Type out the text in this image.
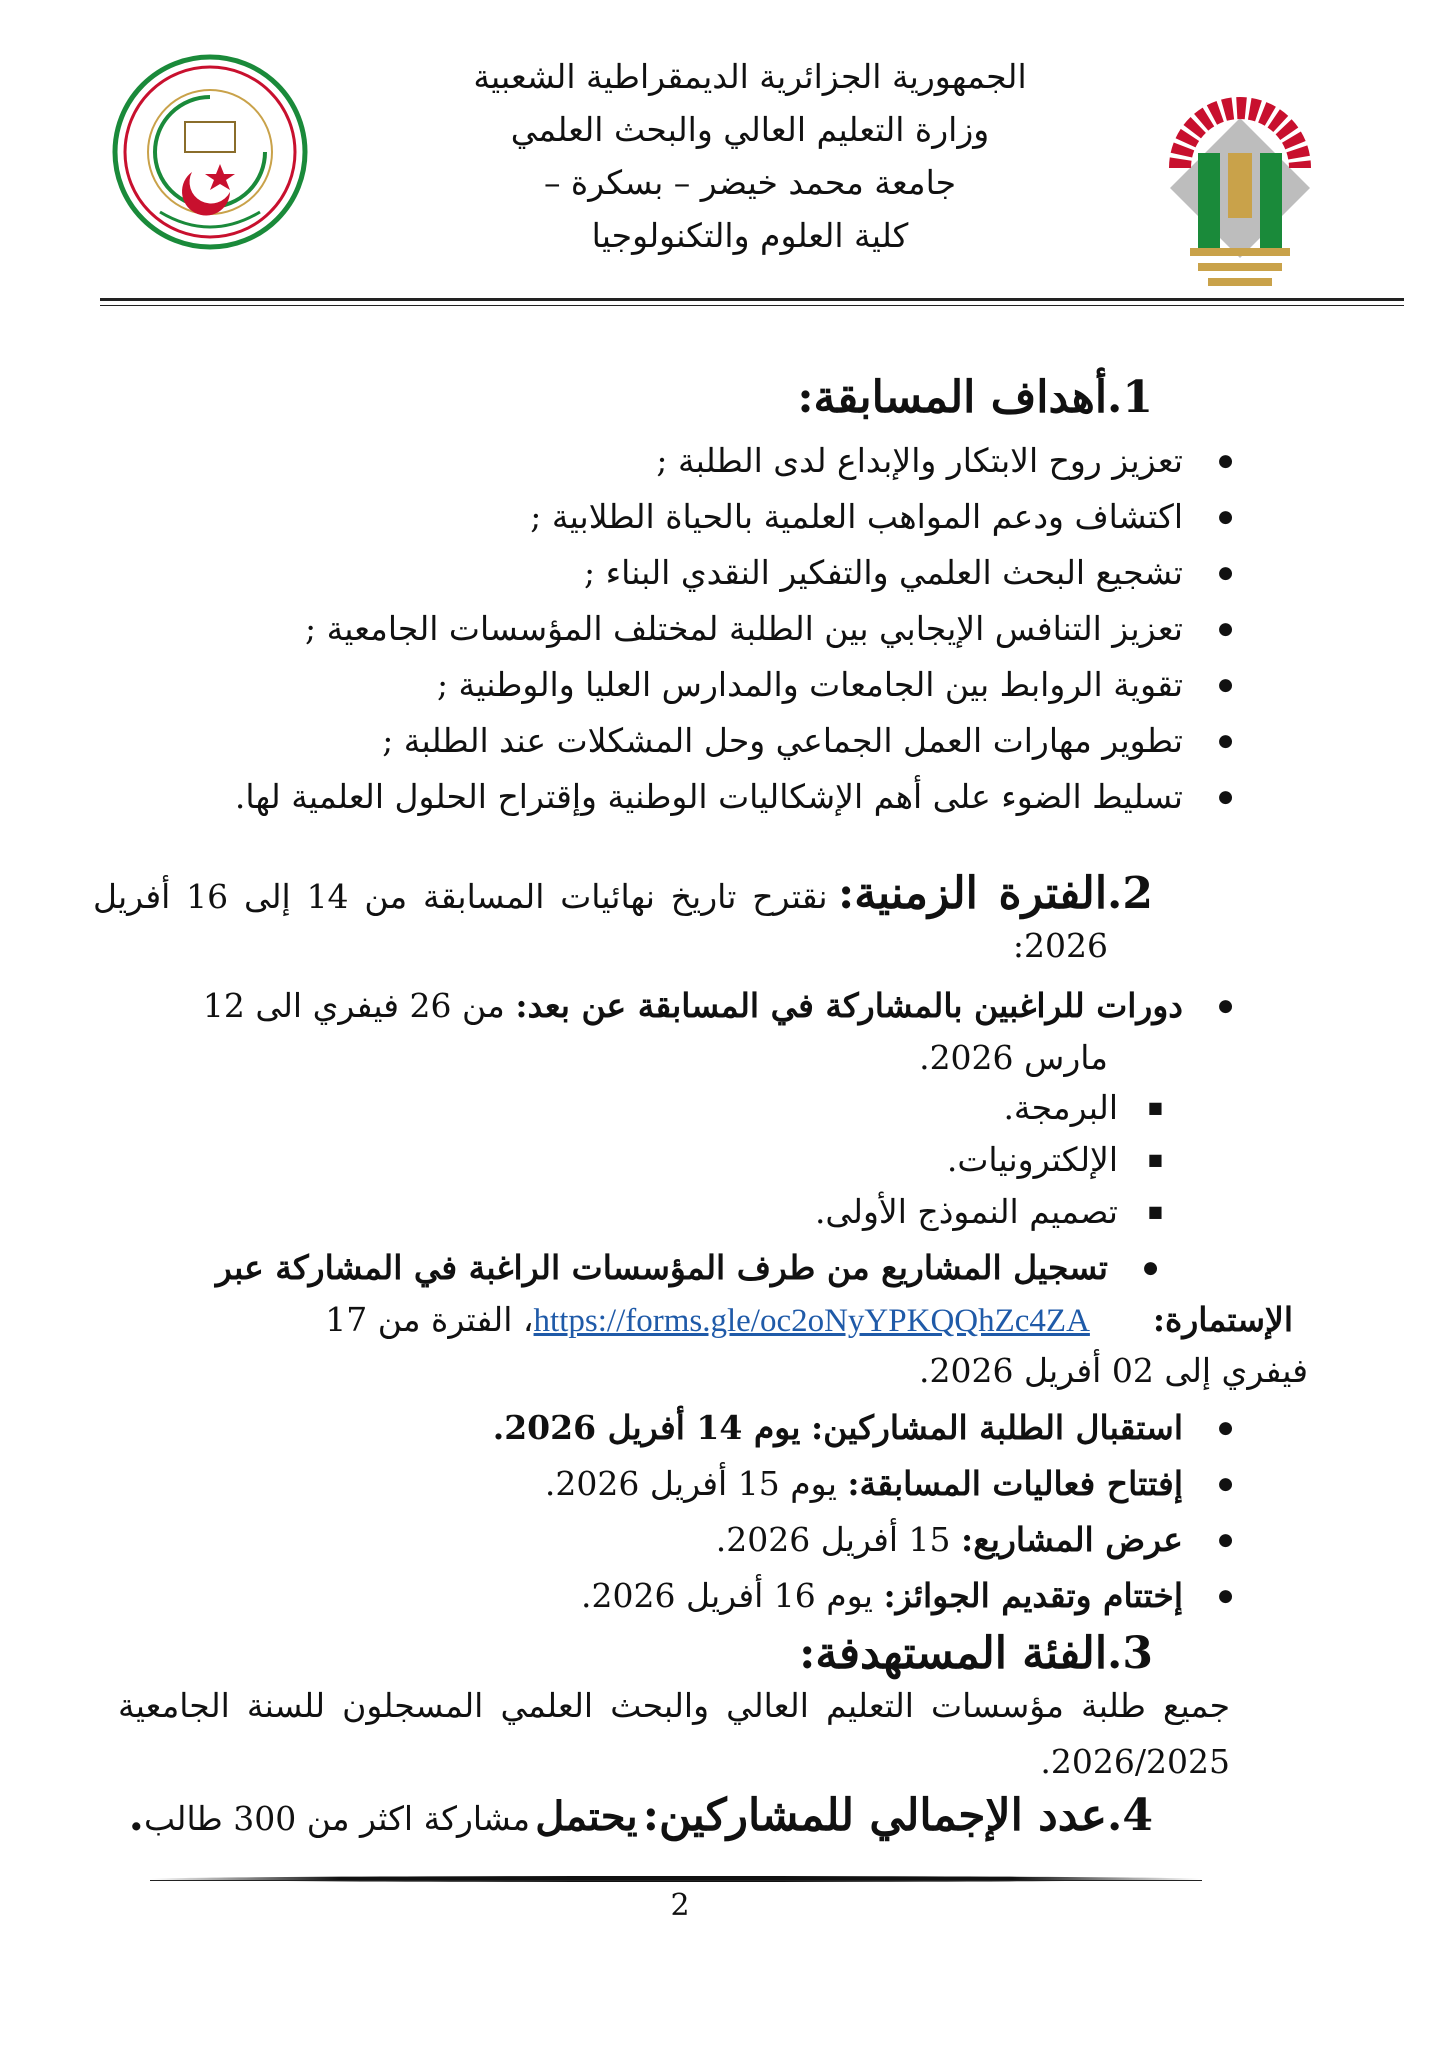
الجمهورية الجزائرية الديمقراطية الشعبية
وزارة التعليم العالي والبحث العلمي
جامعة محمد خيضر – بسكرة –
كلية العلوم والتكنولوجيا
1.أهداف المسابقة:
● تعزيز روح الابتكار والإبداع لدى الطلبة ;
● اكتشاف ودعم المواهب العلمية بالحياة الطلابية ;
● تشجيع البحث العلمي والتفكير النقدي البناء ;
● تعزيز التنافس الإيجابي بين الطلبة لمختلف المؤسسات الجامعية ;
● تقوية الروابط بين الجامعات والمدارس العليا والوطنية ;
● تطوير مهارات العمل الجماعي وحل المشكلات عند الطلبة ;
● تسليط الضوء على أهم الإشكاليات الوطنية وإقتراح الحلول العلمية لها.
2.الفترة الزمنية: نقترح تاريخ نهائيات المسابقة من 14 إلى 16 أفريل
2026:
● دورات للراغبين بالمشاركة في المسابقة عن بعد: من 26 فيفري الى 12
مارس 2026.
■ البرمجة.
■ الإلكترونيات.
■ تصميم النموذج الأولى.
● تسجيل المشاريع من طرف المؤسسات الراغبة في المشاركة عبر
الإستمارة:      https://forms.gle/oc2oNyYPKQQhZc4ZA، الفترة من 17
فيفري إلى 02 أفريل 2026.
● استقبال الطلبة المشاركين: يوم 14 أفريل 2026.
● إفتتاح فعاليات المسابقة: يوم 15 أفريل 2026.
● عرض المشاريع: 15 أفريل 2026.
● إختتام وتقديم الجوائز: يوم 16 أفريل 2026.
3.الفئة المستهدفة:
جميع طلبة مؤسسات التعليم العالي والبحث العلمي المسجلون للسنة الجامعية
2026/2025.
4.عدد الإجمالي للمشاركين: يحتمل مشاركة اكثر من 300 طالب.
2
